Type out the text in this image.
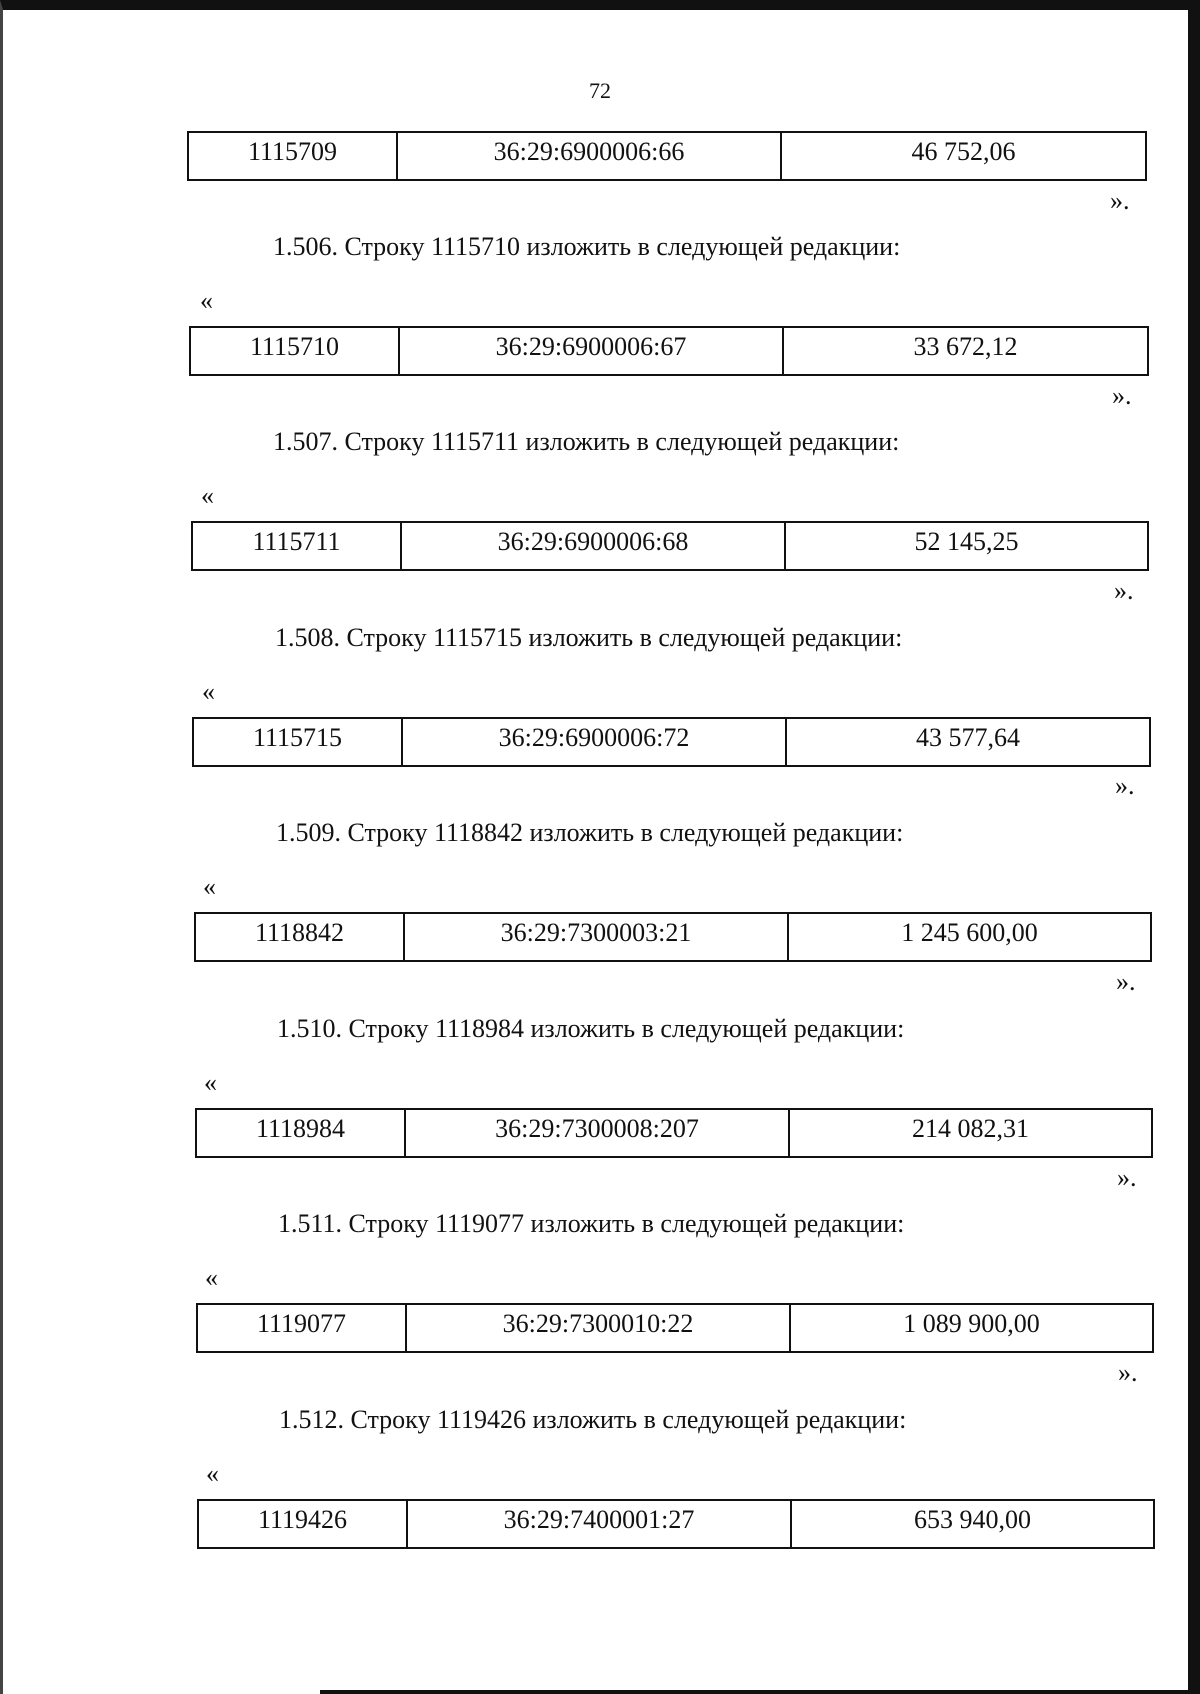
72
1115709	36:29:6900006:66	46 752,06
».
1.506. Строку 1115710 изложить в следующей редакции:
«
1115710	36:29:6900006:67	33 672,12
».
1.507. Строку 1115711 изложить в следующей редакции:
«
1115711	36:29:6900006:68	52 145,25
».
1.508. Строку 1115715 изложить в следующей редакции:
«
1115715	36:29:6900006:72	43 577,64
».
1.509. Строку 1118842 изложить в следующей редакции:
«
1118842	36:29:7300003:21	1 245 600,00
».
1.510. Строку 1118984 изложить в следующей редакции:
«
1118984	36:29:7300008:207	214 082,31
».
1.511. Строку 1119077 изложить в следующей редакции:
«
1119077	36:29:7300010:22	1 089 900,00
».
1.512. Строку 1119426 изложить в следующей редакции:
«
1119426	36:29:7400001:27	653 940,00
